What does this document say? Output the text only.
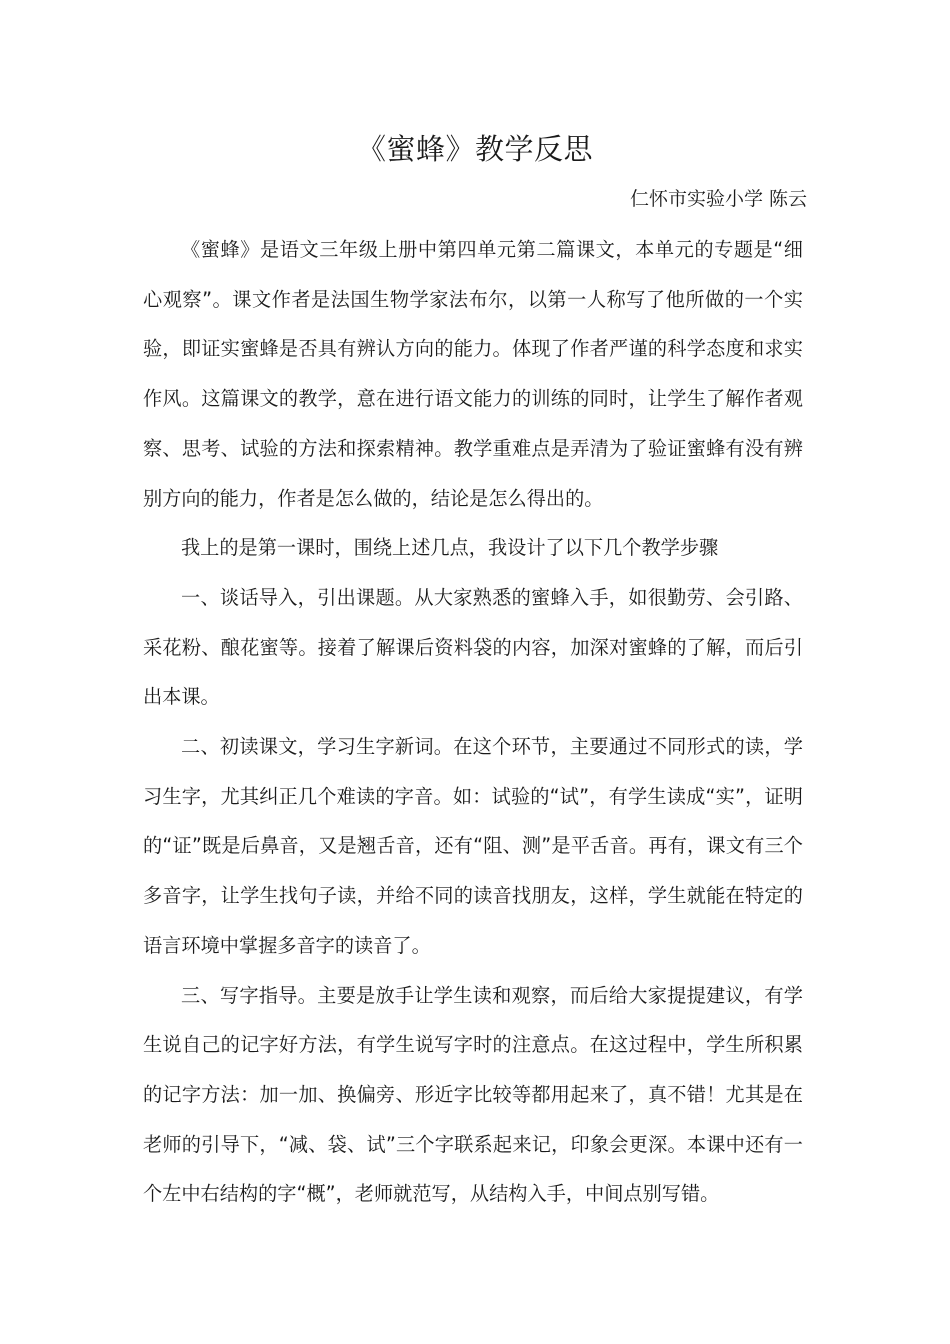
《蜜蜂》教学反思
仁怀市实验小学 陈云

《蜜蜂》是语文三年级上册中第四单元第二篇课文，本单元的专题是“细心观察”。课文作者是法国生物学家法布尔，以第一人称写了他所做的一个实验，即证实蜜蜂是否具有辨认方向的能力。体现了作者严谨的科学态度和求实作风。这篇课文的教学，意在进行语文能力的训练的同时，让学生了解作者观察、思考、试验的方法和探索精神。教学重难点是弄清为了验证蜜蜂有没有辨别方向的能力，作者是怎么做的，结论是怎么得出的。

我上的是第一课时，围绕上述几点，我设计了以下几个教学步骤

一、谈话导入，引出课题。从大家熟悉的蜜蜂入手，如很勤劳、会引路、采花粉、酿花蜜等。接着了解课后资料袋的内容，加深对蜜蜂的了解，而后引出本课。

二、初读课文，学习生字新词。在这个环节，主要通过不同形式的读，学习生字，尤其纠正几个难读的字音。如：试验的“试”，有学生读成“实”，证明的“证”既是后鼻音，又是翘舌音，还有“阻、测”是平舌音。再有，课文有三个多音字，让学生找句子读，并给不同的读音找朋友，这样，学生就能在特定的语言环境中掌握多音字的读音了。

三、写字指导。主要是放手让学生读和观察，而后给大家提提建议，有学生说自己的记字好方法，有学生说写字时的注意点。在这过程中，学生所积累的记字方法：加一加、换偏旁、形近字比较等都用起来了，真不错！尤其是在老师的引导下，“减、袋、试”三个字联系起来记，印象会更深。本课中还有一个左中右结构的字“概”，老师就范写，从结构入手，中间点别写错。
